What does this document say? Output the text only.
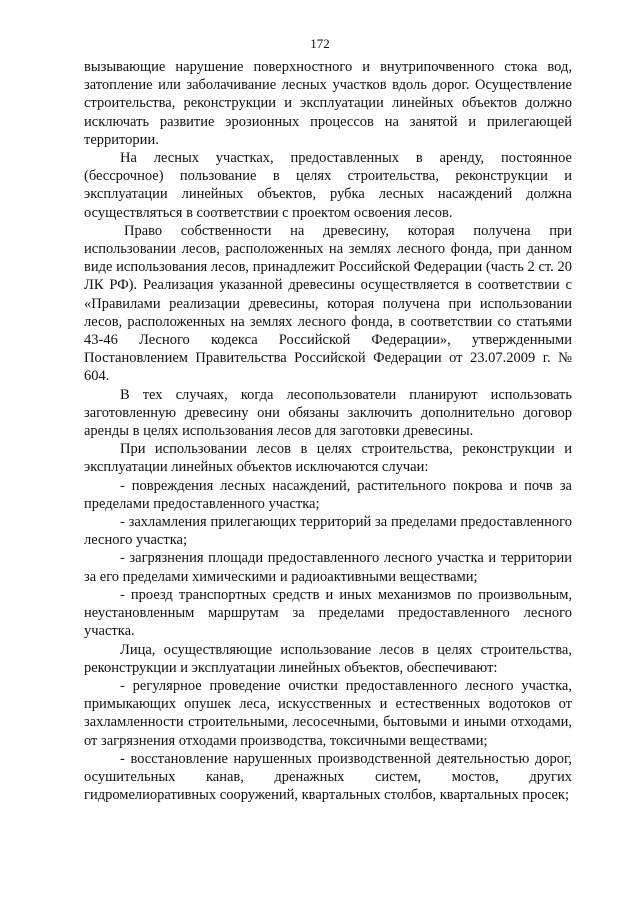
172

вызывающие нарушение поверхностного и внутрипочвенного стока вод, затопление или заболачивание лесных участков вдоль дорог. Осуществление строительства, реконструкции и эксплуатации линейных объектов должно исключать развитие эрозионных процессов на занятой и прилегающей территории.

На лесных участках, предоставленных в аренду, постоянное (бессрочное) пользование в целях строительства, реконструкции и эксплуатации линейных объектов, рубка лесных насаждений должна осуществляться в соответствии с проектом освоения лесов.

Право собственности на древесину, которая получена при использовании лесов, расположенных на землях лесного фонда, при данном виде использования лесов, принадлежит Российской Федерации (часть 2 ст. 20 ЛК РФ). Реализация указанной древесины осуществляется в соответствии с «Правилами реализации древесины, которая получена при использовании лесов, расположенных на землях лесного фонда, в соответствии со статьями 43-46 Лесного кодекса Российской Федерации», утвержденными Постановлением Правительства Российской Федерации от 23.07.2009 г. № 604.

В тех случаях, когда лесопользователи планируют использовать заготовленную древесину они обязаны заключить дополнительно договор аренды в целях использования лесов для заготовки древесины.

При использовании лесов в целях строительства, реконструкции и эксплуатации линейных объектов исключаются случаи:

- повреждения лесных насаждений, растительного покрова и почв за пределами предоставленного участка;

- захламления прилегающих территорий за пределами предоставленного лесного участка;

- загрязнения площади предоставленного лесного участка и территории за его пределами химическими и радиоактивными веществами;

- проезд транспортных средств и иных механизмов по произвольным, неустановленным маршрутам за пределами предоставленного лесного участка.

Лица, осуществляющие использование лесов в целях строительства, реконструкции и эксплуатации линейных объектов, обеспечивают:

- регулярное проведение очистки предоставленного лесного участка, примыкающих опушек леса, искусственных и естественных водотоков от захламленности строительными, лесосечными, бытовыми и иными отходами, от загрязнения отходами производства, токсичными веществами;

- восстановление нарушенных производственной деятельностью дорог, осушительных канав, дренажных систем, мостов, других гидромелиоративных сооружений, квартальных столбов, квартальных просек;
